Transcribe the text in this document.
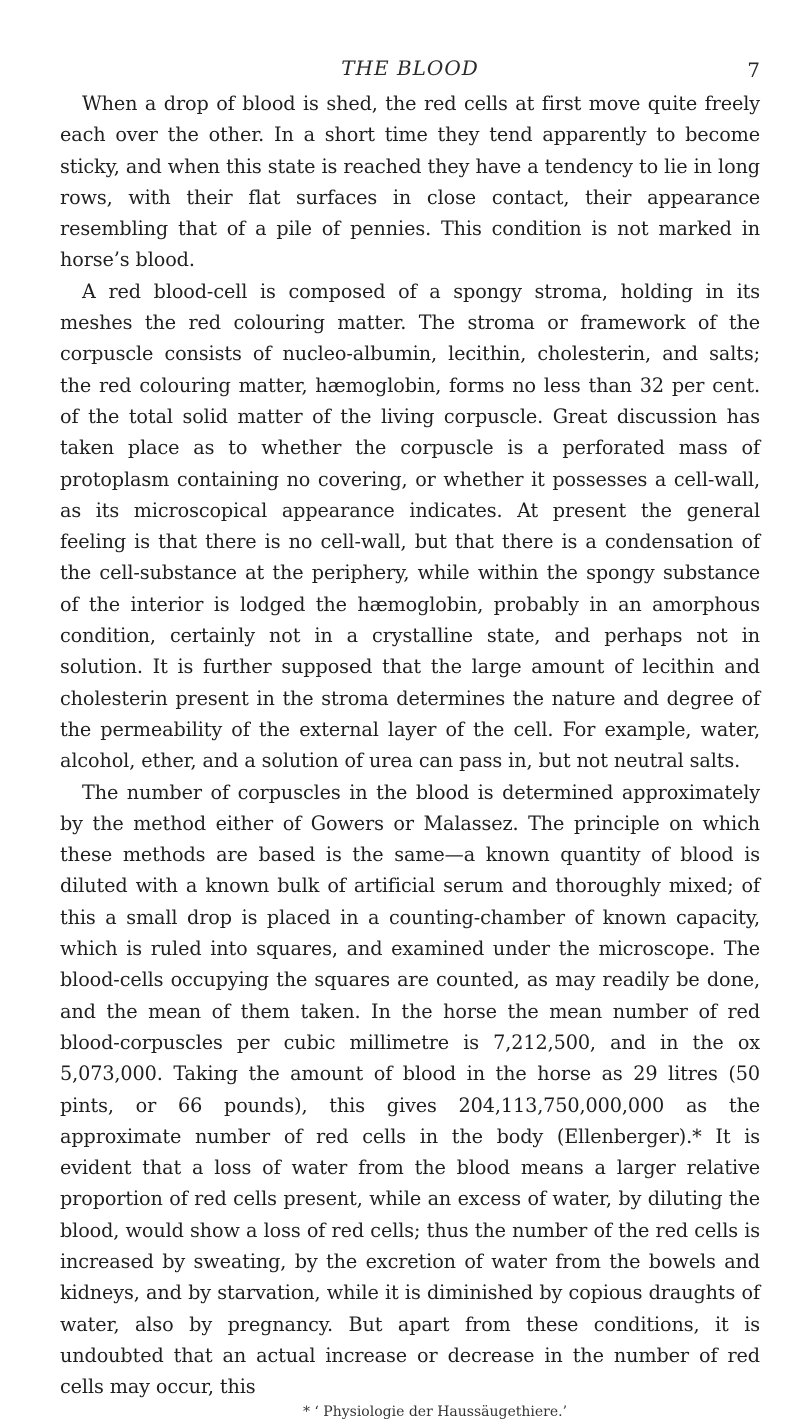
THE BLOOD	7

When a drop of blood is shed, the red cells at first move quite freely each over the other. In a short time they tend apparently to become sticky, and when this state is reached they have a tendency to lie in long rows, with their flat surfaces in close contact, their appearance resembling that of a pile of pennies. This condition is not marked in horse’s blood.

A red blood-cell is composed of a spongy stroma, holding in its meshes the red colouring matter. The stroma or framework of the corpuscle consists of nucleo-albumin, lecithin, cholesterin, and salts; the red colouring matter, hæmoglobin, forms no less than 32 per cent. of the total solid matter of the living corpuscle. Great discussion has taken place as to whether the corpuscle is a perforated mass of protoplasm containing no covering, or whether it possesses a cell-wall, as its microscopical appearance indicates. At present the general feeling is that there is no cell-wall, but that there is a condensation of the cell-substance at the periphery, while within the spongy substance of the interior is lodged the hæmoglobin, probably in an amorphous condition, certainly not in a crystalline state, and perhaps not in solution. It is further supposed that the large amount of lecithin and cholesterin present in the stroma determines the nature and degree of the permeability of the external layer of the cell. For example, water, alcohol, ether, and a solution of urea can pass in, but not neutral salts.

The number of corpuscles in the blood is determined approximately by the method either of Gowers or Malassez. The principle on which these methods are based is the same—a known quantity of blood is diluted with a known bulk of artificial serum and thoroughly mixed; of this a small drop is placed in a counting-chamber of known capacity, which is ruled into squares, and examined under the microscope. The blood-cells occupying the squares are counted, as may readily be done, and the mean of them taken. In the horse the mean number of red blood-corpuscles per cubic millimetre is 7,212,500, and in the ox 5,073,000. Taking the amount of blood in the horse as 29 litres (50 pints, or 66 pounds), this gives 204,113,750,000,000 as the approximate number of red cells in the body (Ellenberger).* It is evident that a loss of water from the blood means a larger relative proportion of red cells present, while an excess of water, by diluting the blood, would show a loss of red cells; thus the number of the red cells is increased by sweating, by the excretion of water from the bowels and kidneys, and by starvation, while it is diminished by copious draughts of water, also by pregnancy. But apart from these conditions, it is undoubted that an actual increase or decrease in the number of red cells may occur, this

* ‘ Physiologie der Haussäugethiere.’
